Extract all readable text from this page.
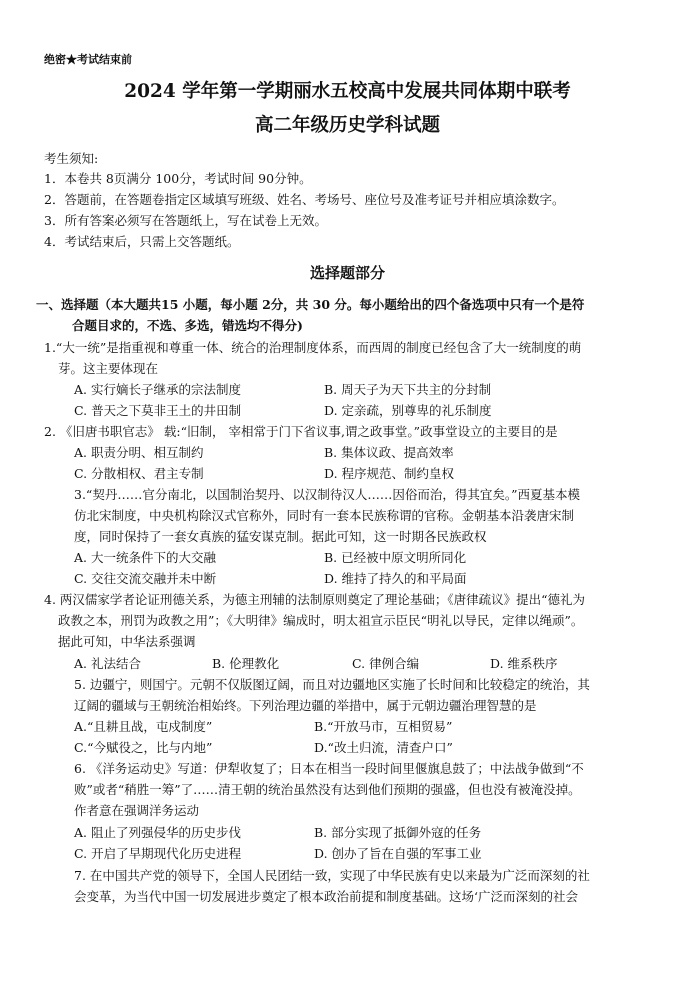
绝密★考试结束前
2024 学年第一学期丽水五校高中发展共同体期中联考
高二年级历史学科试题
考生须知:
1．本卷共 8页满分 100分，考试时间 90分钟。
2．答题前，在答题卷指定区域填写班级、姓名、考场号、座位号及准考证号并相应填涂数字。
3．所有答案必须写在答题纸上，写在试卷上无效。
4．考试结束后，只需上交答题纸。
选择题部分
一、选择题（本大题共15 小题，每小题 2分，共 30 分。每小题给出的四个备选项中只有一个是符
合题目求的，不选、多选，错选均不得分)
1.“大一统”是指重视和尊重一体、统合的治理制度体系，而西周的制度已经包含了大一统制度的萌
芽。这主要体现在
A. 实行嫡长子继承的宗法制度	B. 周天子为天下共主的分封制
C. 普天之下莫非王土的井田制	D. 定亲疏，别尊卑的礼乐制度
2. 《旧唐书职官志》 载:“旧制， 宰相常于门下省议事,谓之政事堂。”政事堂设立的主要目的是
A. 职责分明、相互制约	B. 集体议政、提高效率
C. 分散相权、君主专制	D. 程序规范、制约皇权
3.“契丹……官分南北，以国制治契丹、以汉制待汉人……因俗而治，得其宜矣。”西夏基本模
仿北宋制度，中央机构除汉式官称外，同时有一套本民族称谓的官称。金朝基本沿袭唐宋制
度，同时保持了一套女真族的猛安谋克制。据此可知，这一时期各民族政权
A. 大一统条件下的大交融	B. 已经被中原文明所同化
C. 交往交流交融并未中断	D. 维持了持久的和平局面
4. 两汉儒家学者论证刑德关系，为德主刑辅的法制原则奠定了理论基础；《唐律疏议》提出“德礼为
政教之本，刑罚为政教之用”；《大明律》编成时，明太祖宣示臣民“明礼以导民，定律以绳顽”。
据此可知，中华法系强调
A. 礼法结合	B. 伦理教化	C. 律例合编	D. 维系秩序
5. 边疆宁，则国宁。元朝不仅版图辽阔，而且对边疆地区实施了长时间和比较稳定的统治，其
辽阔的疆域与王朝统治相始终。下列治理边疆的举措中，属于元朝边疆治理智慧的是
A.“且耕且战，屯戍制度”	B.“开放马市，互相贸易”
C.“今赋役之，比与内地”	D.“改土归流，清查户口”
6. 《洋务运动史》写道：伊犁收复了；日本在相当一段时间里偃旗息鼓了；中法战争做到“不
败”或者“稍胜一筹”了……清王朝的统治虽然没有达到他们预期的强盛，但也没有被淹没掉。
作者意在强调洋务运动
A. 阻止了列强侵华的历史步伐	B. 部分实现了抵御外寇的任务
C. 开启了早期现代化历史进程	D. 创办了旨在自强的军事工业
7. 在中国共产党的领导下，全国人民团结一致，实现了中华民族有史以来最为广泛而深刻的社
会变革，为当代中国一切发展进步奠定了根本政治前提和制度基础。这场‘广泛而深刻的社会
